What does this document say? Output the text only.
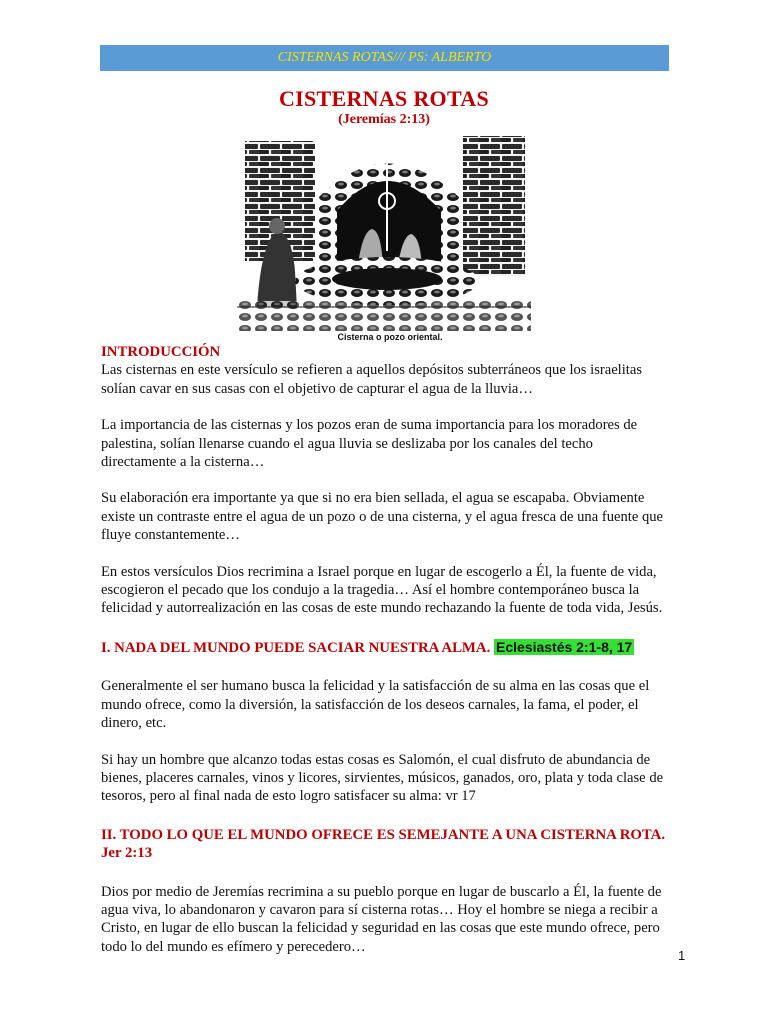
CISTERNAS ROTAS/// PS: ALBERTO
CISTERNAS ROTAS
(Jeremías 2:13)
Cisterna o pozo oriental.

INTRODUCCIÓN

Las cisternas en este versículo se refieren a aquellos depósitos subterráneos que los israelitas solían cavar en sus casas con el objetivo de capturar el agua de la lluvia…

La importancia de las cisternas y los pozos eran de suma importancia para los moradores de palestina, solían llenarse cuando el agua lluvia se deslizaba por los canales del techo directamente a la cisterna…

Su elaboración era importante ya que si no era bien sellada, el agua se escapaba. Obviamente existe un contraste entre el agua de un pozo o de una cisterna, y el agua fresca de una fuente que fluye constantemente…

En estos versículos Dios recrimina a Israel porque en lugar de escogerlo a Él, la fuente de vida, escogieron el pecado que los condujo a la tragedia… Así el hombre contemporáneo busca la felicidad y autorrealización en las cosas de este mundo rechazando la fuente de toda vida, Jesús.

I. NADA DEL MUNDO PUEDE SACIAR NUESTRA ALMA. Eclesiastés 2:1-8, 17

Generalmente el ser humano busca la felicidad y la satisfacción de su alma en las cosas que el mundo ofrece, como la diversión, la satisfacción de los deseos carnales, la fama, el poder, el dinero, etc.

Si hay un hombre que alcanzo todas estas cosas es Salomón, el cual disfruto de abundancia de bienes, placeres carnales, vinos y licores, sirvientes, músicos, ganados, oro, plata y toda clase de tesoros, pero al final nada de esto logro satisfacer su alma: vr 17

II. TODO LO QUE EL MUNDO OFRECE ES SEMEJANTE A UNA CISTERNA ROTA. Jer 2:13

Dios por medio de Jeremías recrimina a su pueblo porque en lugar de buscarlo a Él, la fuente de agua viva, lo abandonaron y cavaron para sí cisterna rotas… Hoy el hombre se niega a recibir a Cristo, en lugar de ello buscan la felicidad y seguridad en las cosas que este mundo ofrece, pero todo lo del mundo es efímero y perecedero…

1
